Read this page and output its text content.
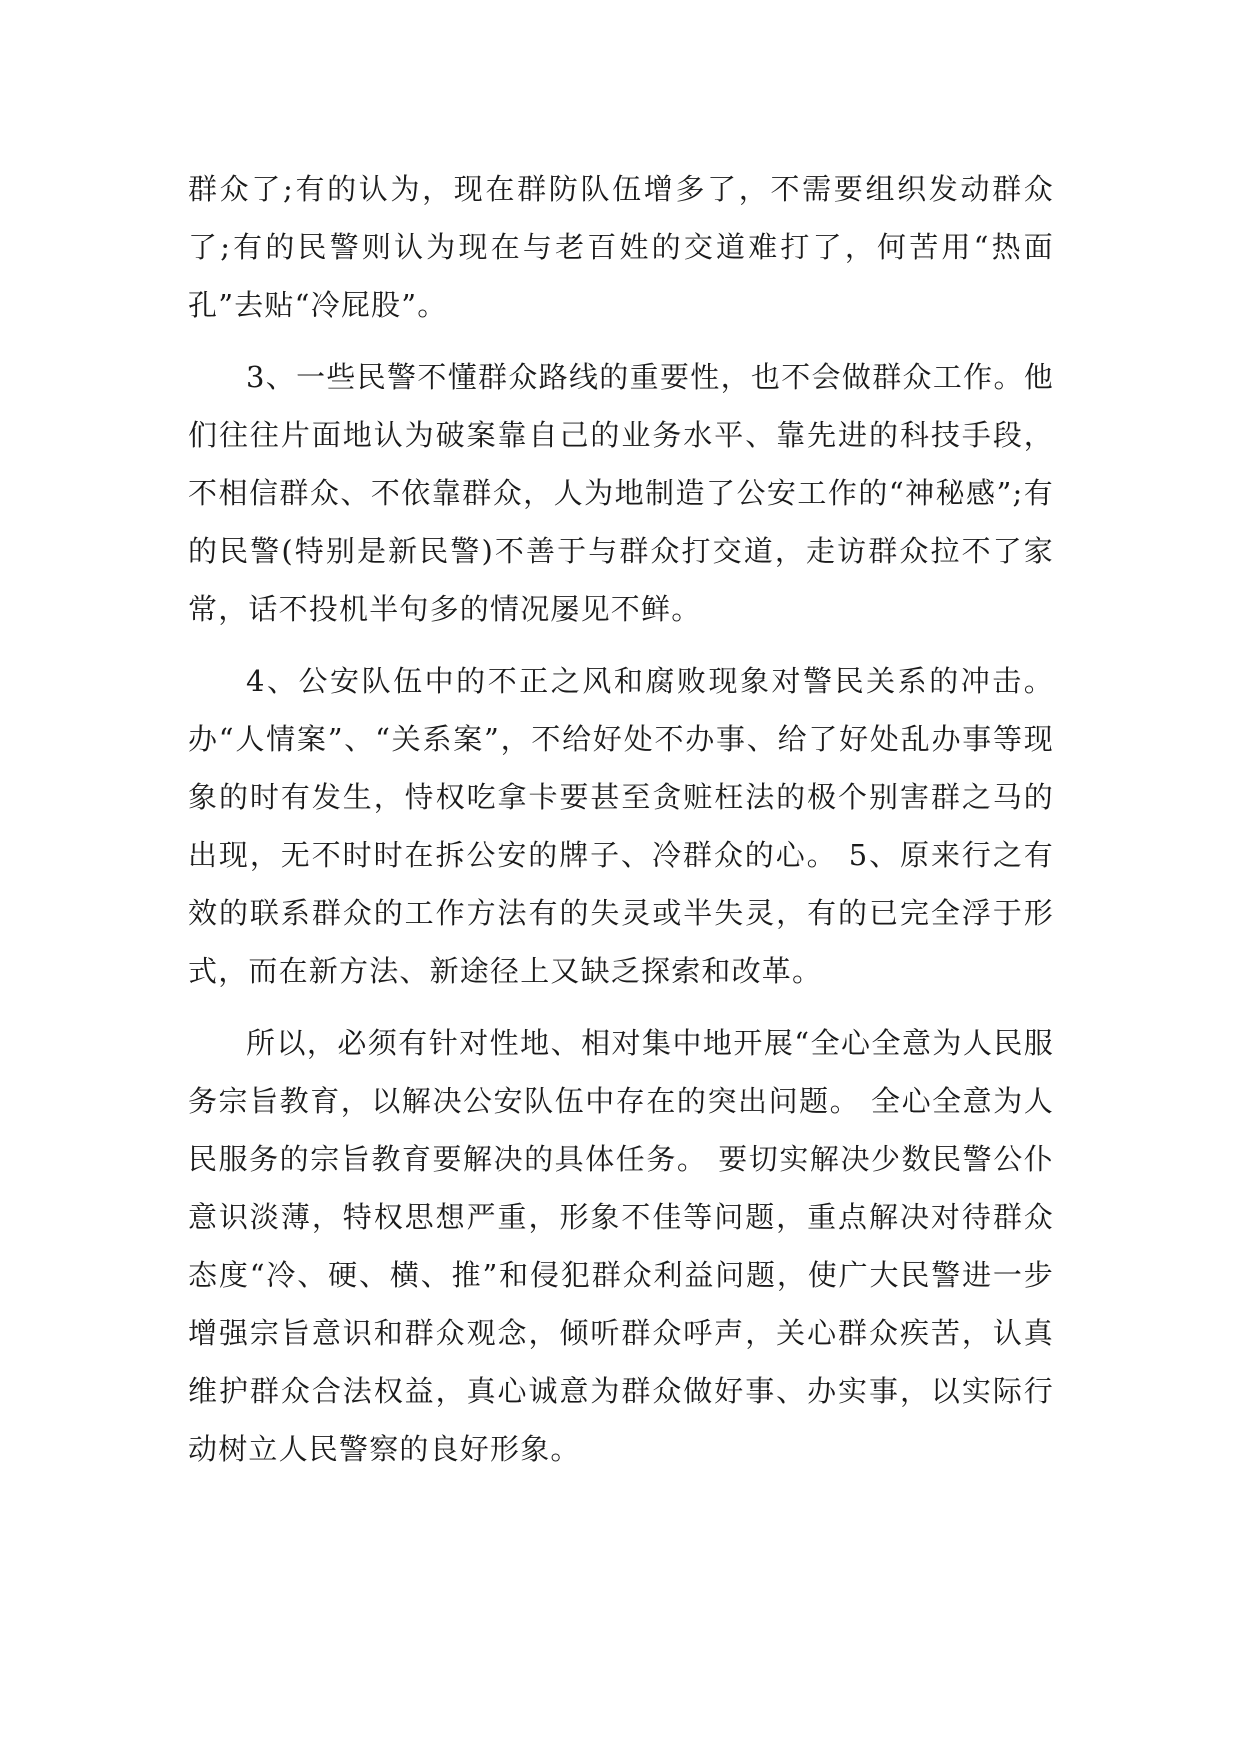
群众了;有的认为，现在群防队伍增多了，不需要组织发动群众了;有的民警则认为现在与老百姓的交道难打了，何苦用“热面孔”去贴“冷屁股”。

3、一些民警不懂群众路线的重要性，也不会做群众工作。他们往往片面地认为破案靠自己的业务水平、靠先进的科技手段，不相信群众、不依靠群众，人为地制造了公安工作的“神秘感”;有的民警(特别是新民警)不善于与群众打交道，走访群众拉不了家常，话不投机半句多的情况屡见不鲜。

4、公安队伍中的不正之风和腐败现象对警民关系的冲击。办“人情案”、“关系案”，不给好处不办事、给了好处乱办事等现象的时有发生，恃权吃拿卡要甚至贪赃枉法的极个别害群之马的出现，无不时时在拆公安的牌子、冷群众的心。 5、原来行之有效的联系群众的工作方法有的失灵或半失灵，有的已完全浮于形式，而在新方法、新途径上又缺乏探索和改革。

所以，必须有针对性地、相对集中地开展“全心全意为人民服务宗旨教育，以解决公安队伍中存在的突出问题。 全心全意为人民服务的宗旨教育要解决的具体任务。 要切实解决少数民警公仆意识淡薄，特权思想严重，形象不佳等问题，重点解决对待群众态度“冷、硬、横、推”和侵犯群众利益问题，使广大民警进一步增强宗旨意识和群众观念，倾听群众呼声，关心群众疾苦，认真维护群众合法权益，真心诚意为群众做好事、办实事，以实际行动树立人民警察的良好形象。
